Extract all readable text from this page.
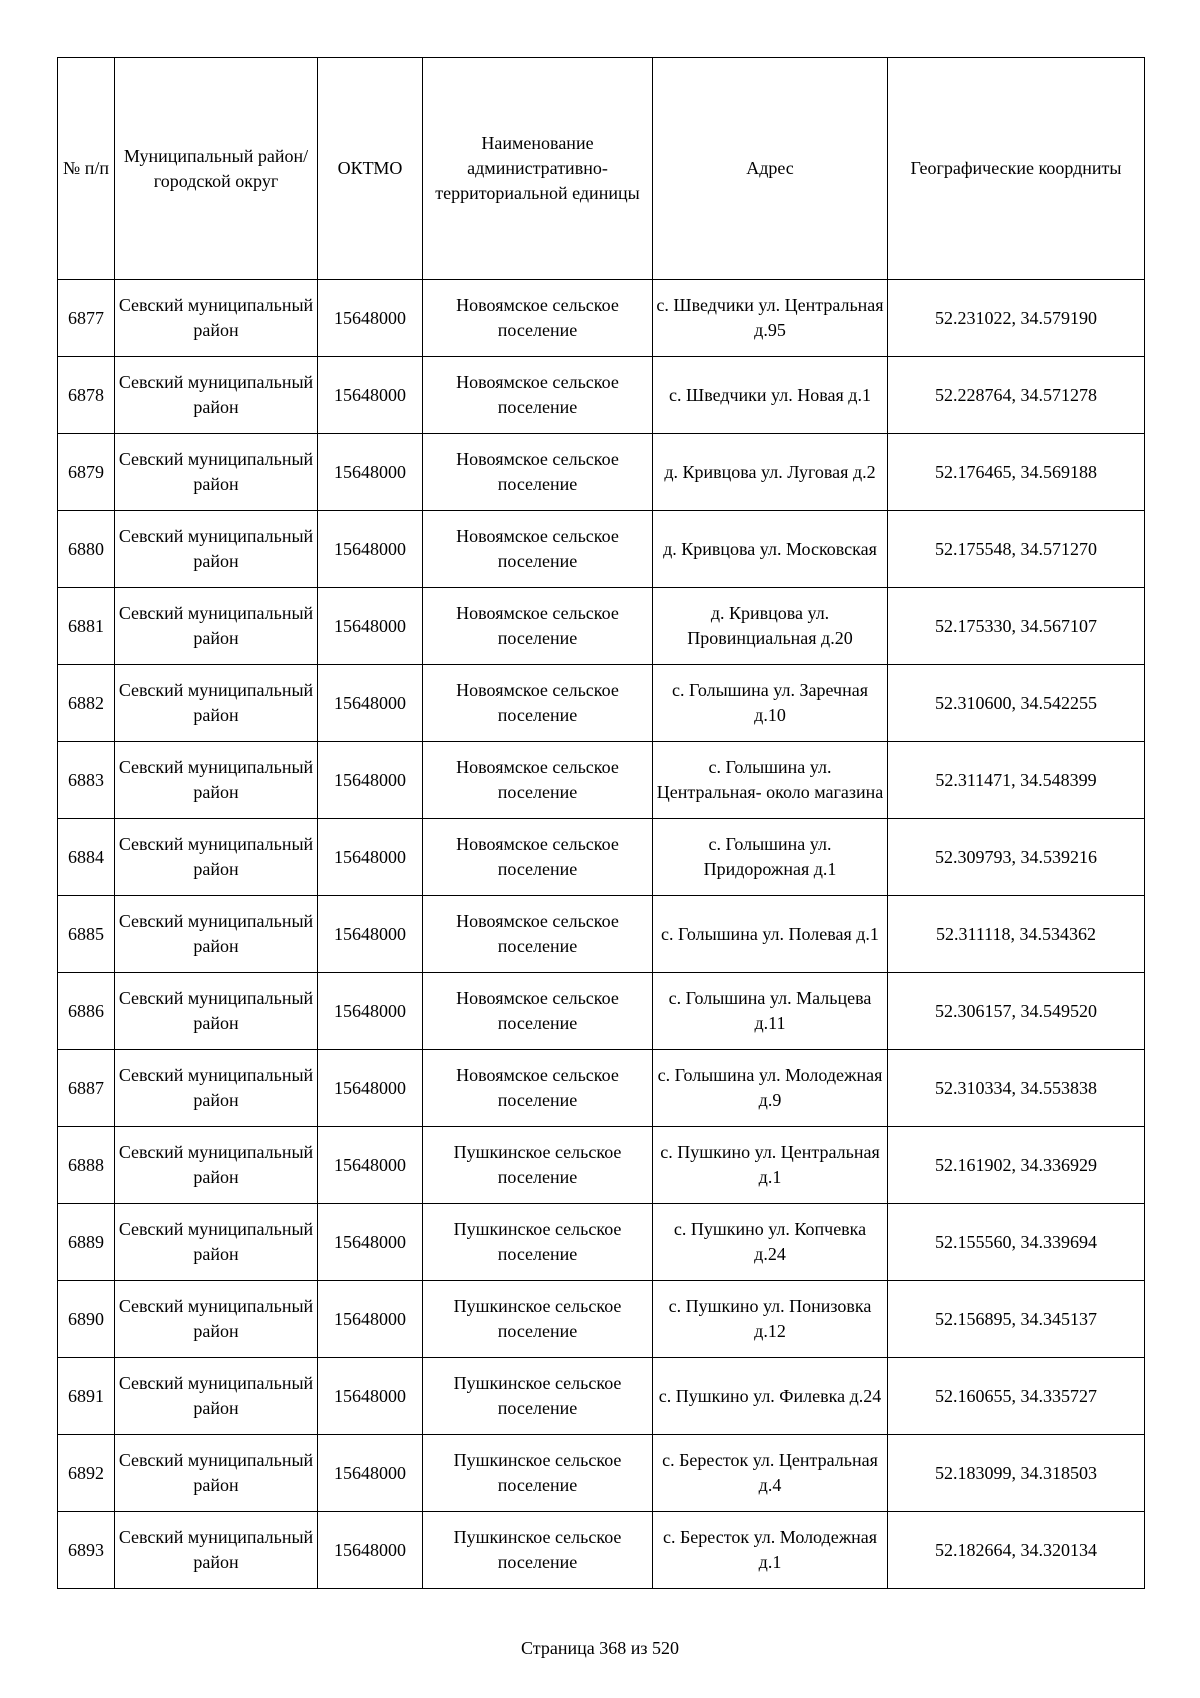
№ п/п	Муниципальный район/городской округ	ОКТМО	Наименование административно-территориальной единицы	Адрес	Географические коордниты
6877	Севский муниципальный район	15648000	Новоямское сельское поселение	с. Шведчики ул. Центральная д.95	52.231022, 34.579190
6878	Севский муниципальный район	15648000	Новоямское сельское поселение	с. Шведчики ул. Новая д.1	52.228764, 34.571278
6879	Севский муниципальный район	15648000	Новоямское сельское поселение	д. Кривцова ул. Луговая д.2	52.176465, 34.569188
6880	Севский муниципальный район	15648000	Новоямское сельское поселение	д. Кривцова ул. Московская	52.175548, 34.571270
6881	Севский муниципальный район	15648000	Новоямское сельское поселение	д. Кривцова ул. Провинциальная д.20	52.175330, 34.567107
6882	Севский муниципальный район	15648000	Новоямское сельское поселение	с. Голышина ул. Заречная д.10	52.310600, 34.542255
6883	Севский муниципальный район	15648000	Новоямское сельское поселение	с. Голышина ул. Центральная- около магазина	52.311471, 34.548399
6884	Севский муниципальный район	15648000	Новоямское сельское поселение	с. Голышина ул. Придорожная д.1	52.309793, 34.539216
6885	Севский муниципальный район	15648000	Новоямское сельское поселение	с. Голышина ул. Полевая д.1	52.311118, 34.534362
6886	Севский муниципальный район	15648000	Новоямское сельское поселение	с. Голышина ул. Мальцева д.11	52.306157, 34.549520
6887	Севский муниципальный район	15648000	Новоямское сельское поселение	с. Голышина ул. Молодежная д.9	52.310334, 34.553838
6888	Севский муниципальный район	15648000	Пушкинское сельское поселение	с. Пушкино ул. Центральная д.1	52.161902, 34.336929
6889	Севский муниципальный район	15648000	Пушкинское сельское поселение	с. Пушкино ул. Копчевка д.24	52.155560, 34.339694
6890	Севский муниципальный район	15648000	Пушкинское сельское поселение	с. Пушкино ул. Понизовка д.12	52.156895, 34.345137
6891	Севский муниципальный район	15648000	Пушкинское сельское поселение	с. Пушкино ул. Филевка д.24	52.160655, 34.335727
6892	Севский муниципальный район	15648000	Пушкинское сельское поселение	с. Бересток ул. Центральная д.4	52.183099, 34.318503
6893	Севский муниципальный район	15648000	Пушкинское сельское поселение	с. Бересток ул. Молодежная д.1	52.182664, 34.320134
Страница 368 из 520
